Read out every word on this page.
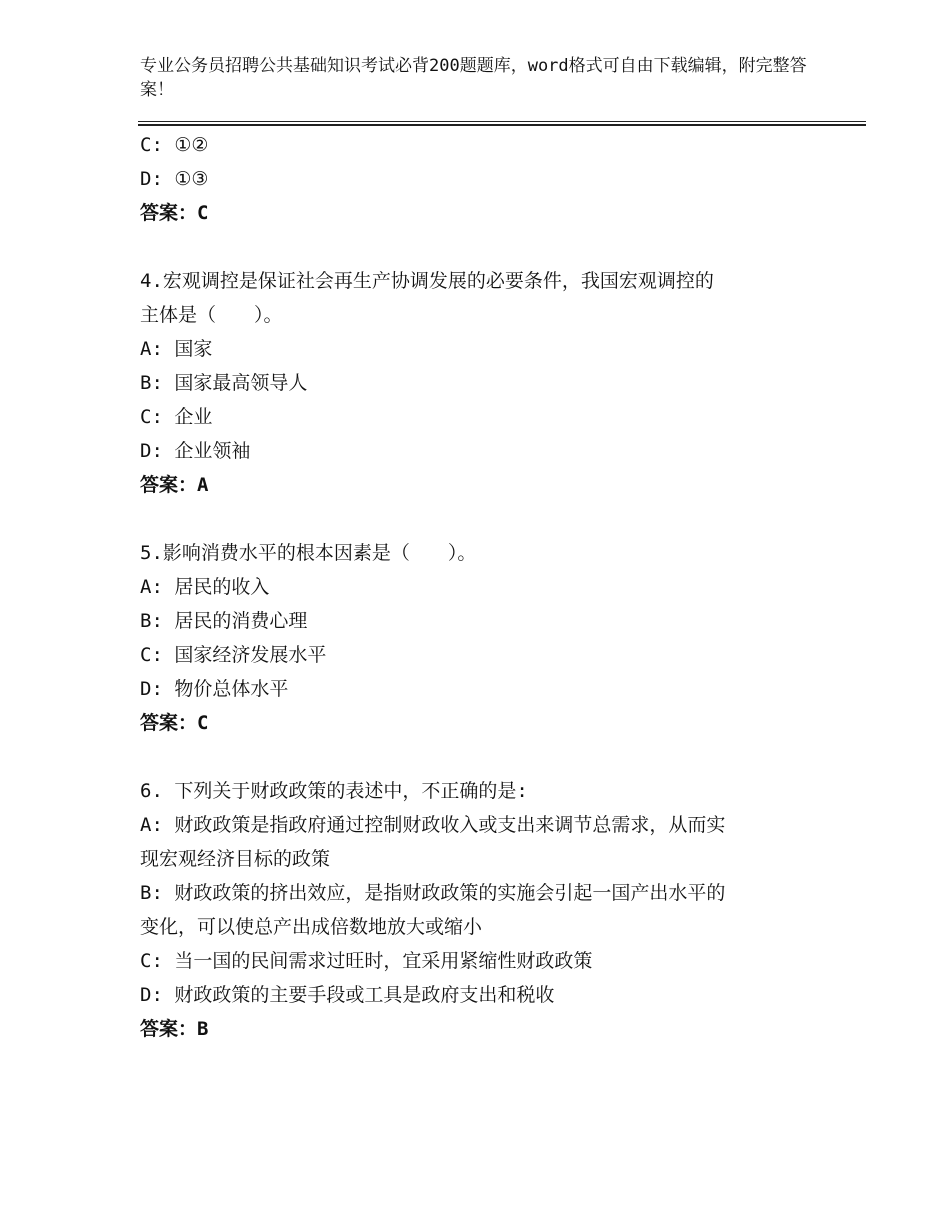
专业公务员招聘公共基础知识考试必背200题题库，word格式可自由下载编辑，附完整答案！
C: ①②
D: ①③
答案：C
4.宏观调控是保证社会再生产协调发展的必要条件，我国宏观调控的
主体是（　　）。
A: 国家
B: 国家最高领导人
C: 企业
D: 企业领袖
答案：A
5.影响消费水平的根本因素是（　　）。
A: 居民的收入
B: 居民的消费心理
C: 国家经济发展水平
D: 物价总体水平
答案：C
6. 下列关于财政政策的表述中，不正确的是:
A: 财政政策是指政府通过控制财政收入或支出来调节总需求，从而实
现宏观经济目标的政策
B: 财政政策的挤出效应，是指财政政策的实施会引起一国产出水平的
变化，可以使总产出成倍数地放大或缩小
C: 当一国的民间需求过旺时，宜采用紧缩性财政政策
D: 财政政策的主要手段或工具是政府支出和税收
答案：B
